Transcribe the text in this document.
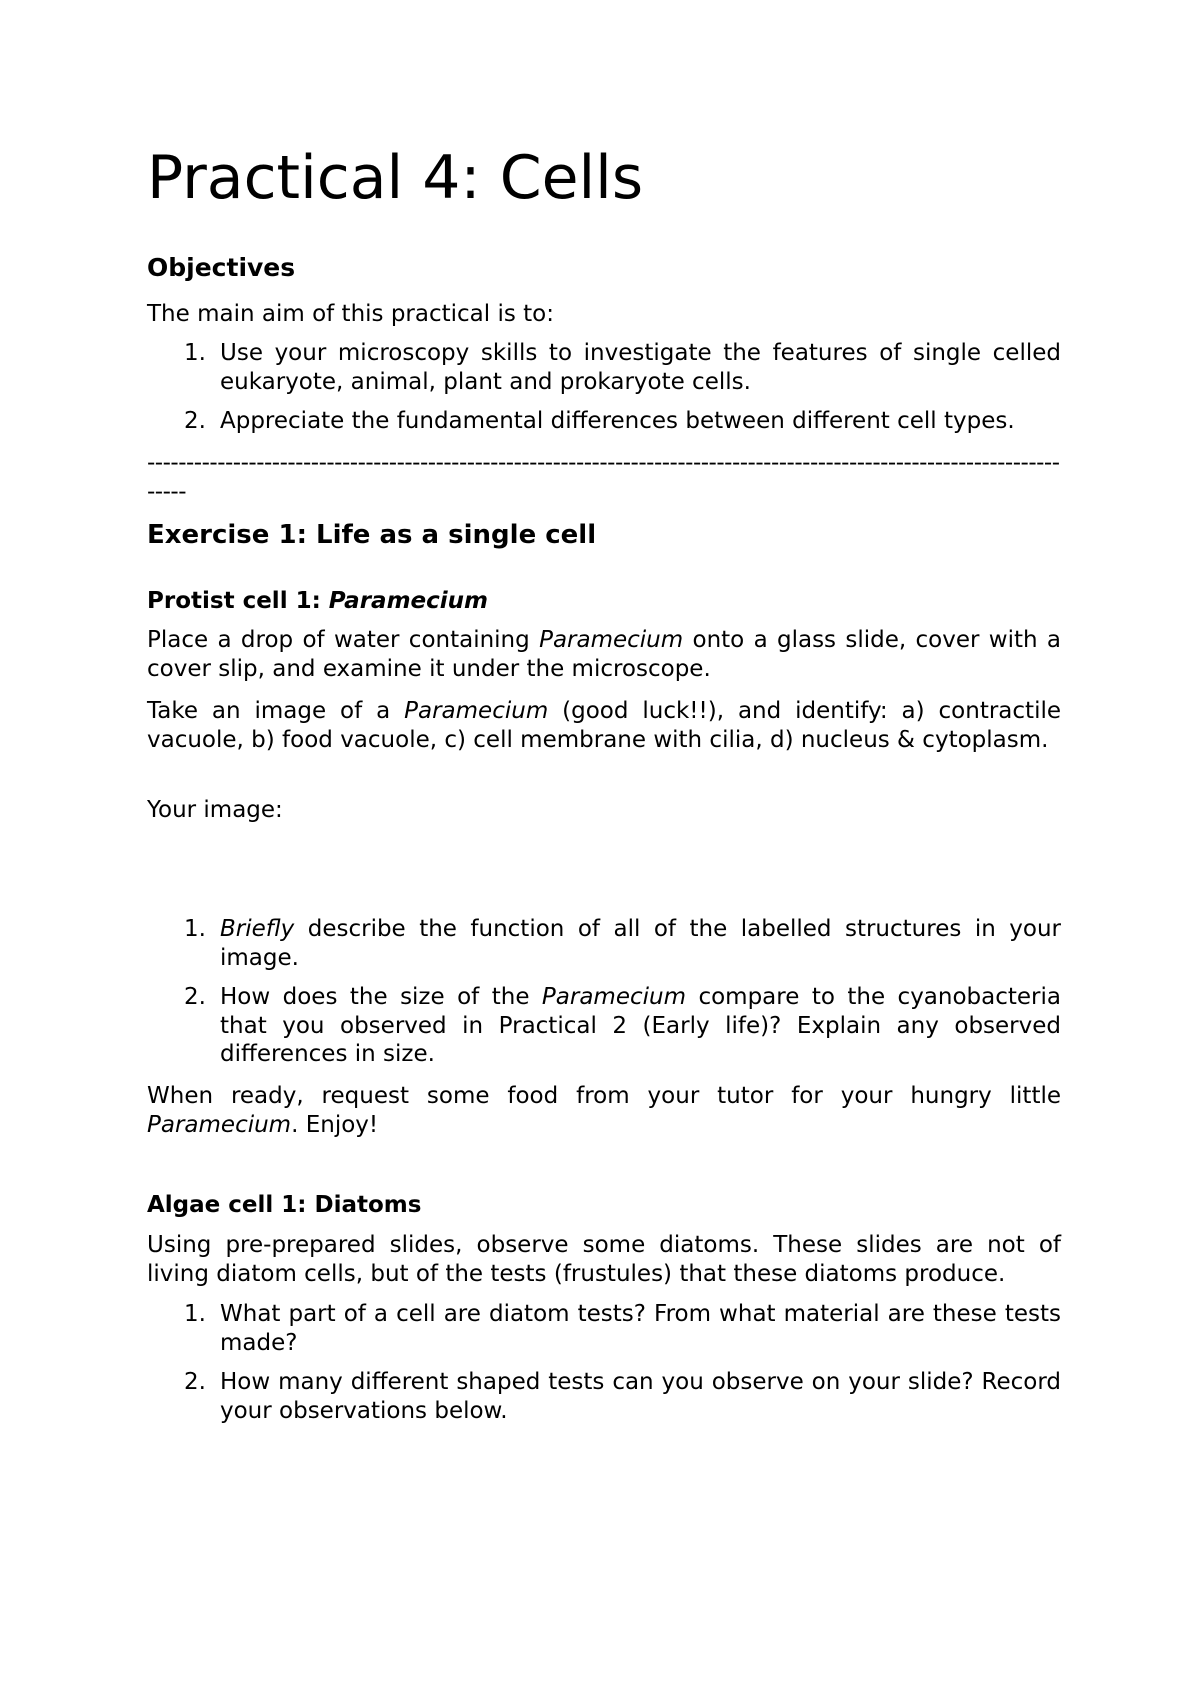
Practical 4: Cells
Objectives

The main aim of this practical is to:

1. Use your microscopy skills to investigate the features of single celled eukaryote, animal, plant and prokaryote cells.
2. Appreciate the fundamental differences between different cell types.
--------------------------------------------------------------------------------------------------------------------------
Exercise 1: Life as a single cell
Protist cell 1: Paramecium

Place a drop of water containing Paramecium onto a glass slide, cover with a cover slip, and examine it under the microscope.

Take an image of a Paramecium (good luck!!), and identify: a) contractile vacuole, b) food vacuole, c) cell membrane with cilia, d) nucleus & cytoplasm.

Your image:

1. Briefly describe the function of all of the labelled structures in your image.
2. How does the size of the Paramecium compare to the cyanobacteria that you observed in Practical 2 (Early life)? Explain any observed differences in size.

When ready, request some food from your tutor for your hungry little Paramecium. Enjoy!

Algae cell 1: Diatoms

Using pre-prepared slides, observe some diatoms. These slides are not of living diatom cells, but of the tests (frustules) that these diatoms produce.

1. What part of a cell are diatom tests? From what material are these tests made?
2. How many different shaped tests can you observe on your slide? Record your observations below.
